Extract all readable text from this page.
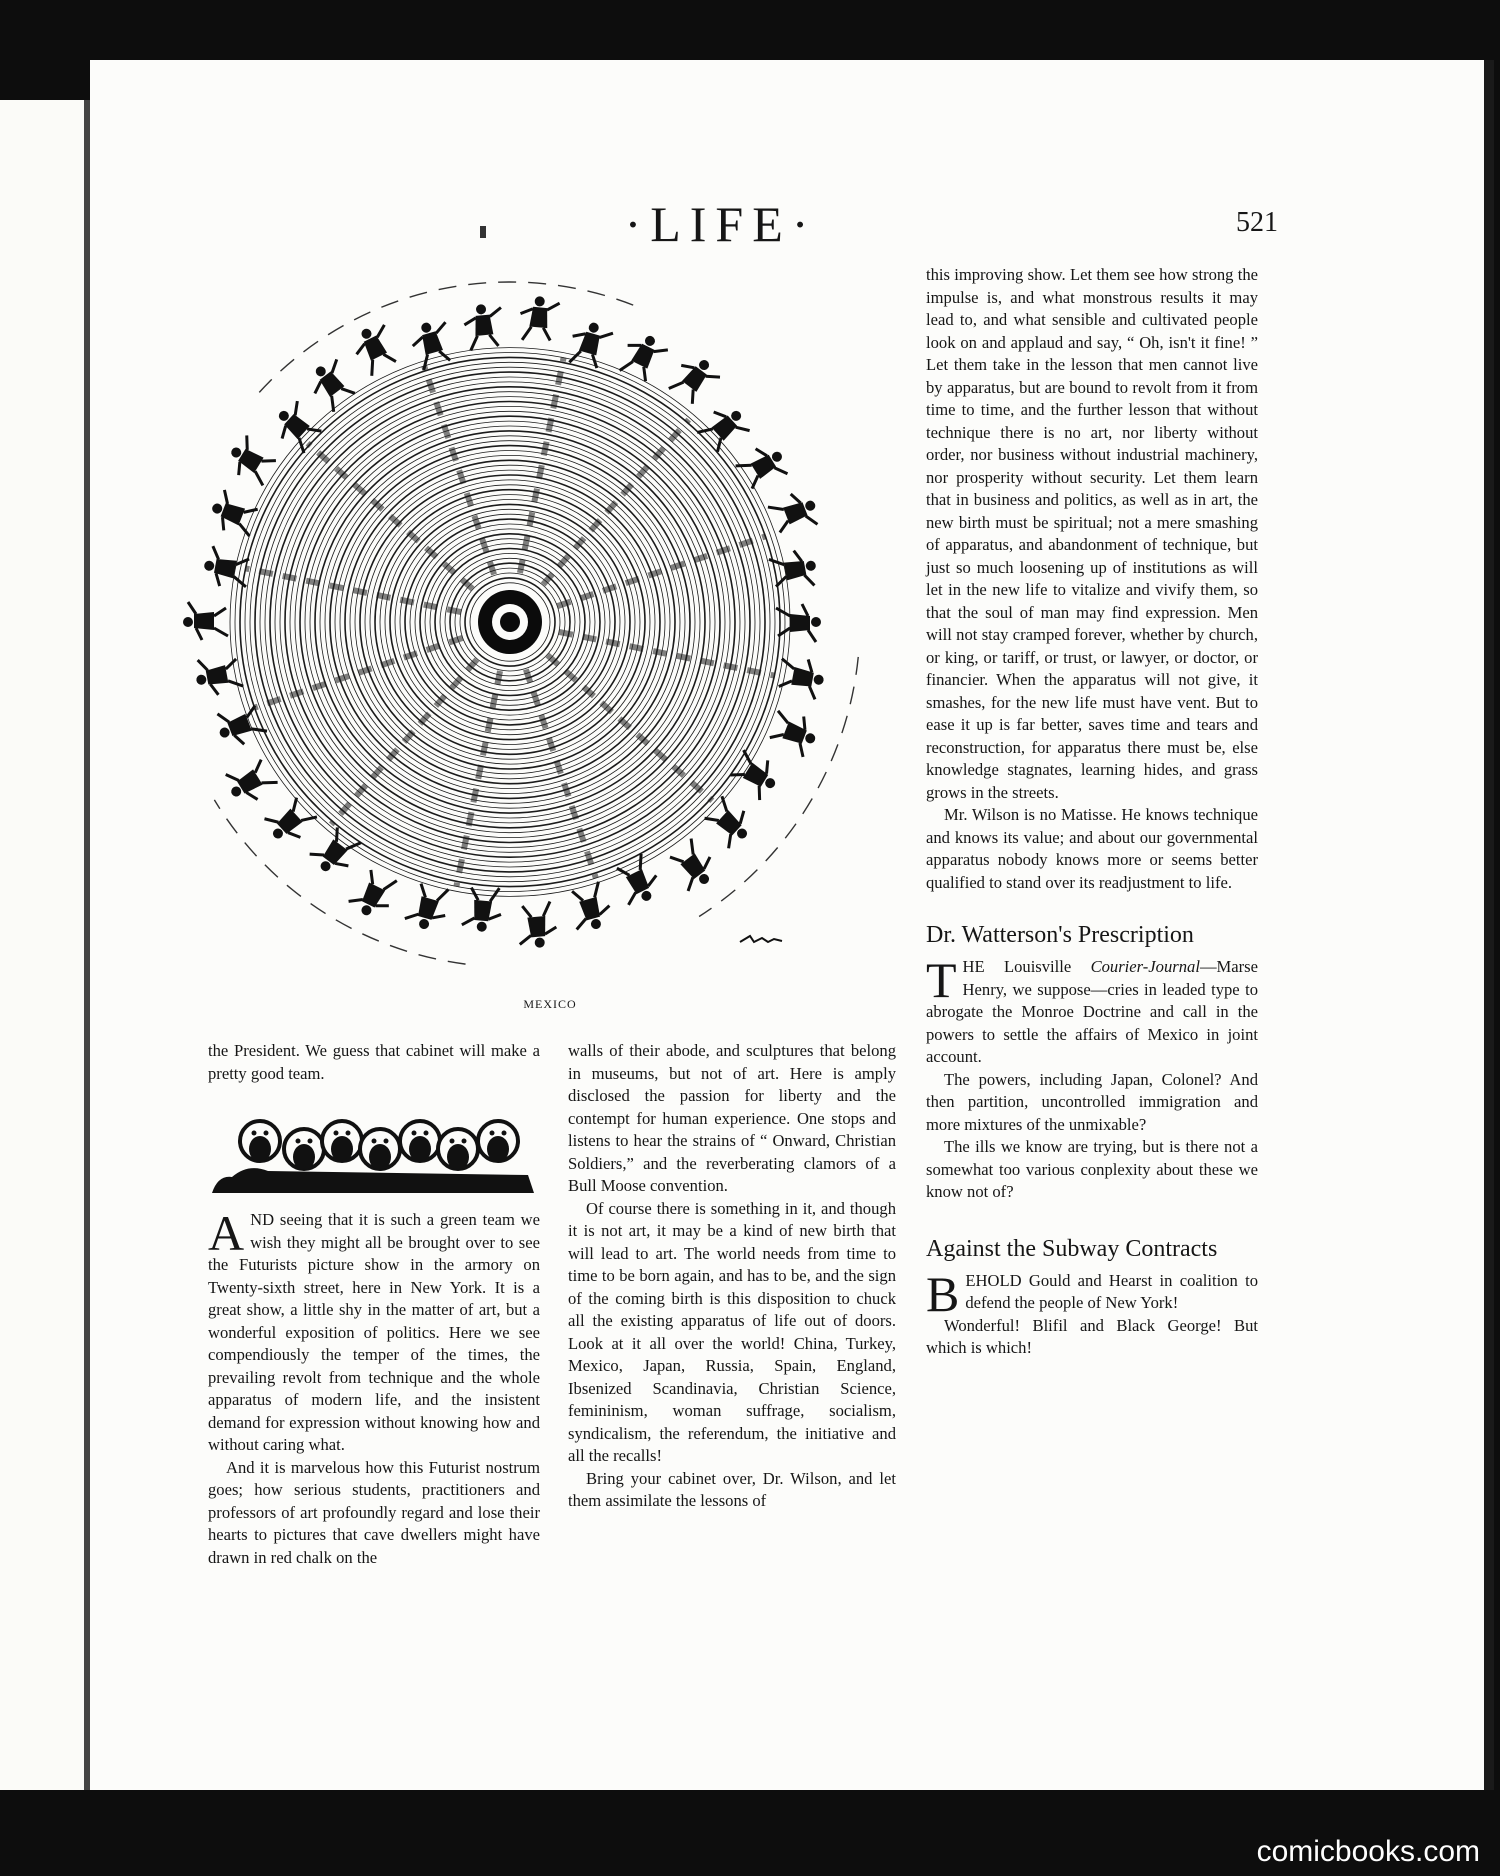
·LIFE·	521
MEXICO

the President. We guess that cabinet will make a pretty good team.

AND seeing that it is such a green team we wish they might all be brought over to see the Futurists picture show in the armory on Twenty-sixth street, here in New York. It is a great show, a little shy in the matter of art, but a wonderful exposition of politics. Here we see compendiously the temper of the times, the prevailing revolt from technique and the whole apparatus of modern life, and the insistent demand for expression without knowing how and without caring what.

And it is marvelous how this Futurist nostrum goes; how serious students, practitioners and professors of art profoundly regard and lose their hearts to pictures that cave dwellers might have drawn in red chalk on the

walls of their abode, and sculptures that belong in museums, but not of art. Here is amply disclosed the passion for liberty and the contempt for human experience. One stops and listens to hear the strains of “ Onward, Christian Soldiers,” and the reverberating clamors of a Bull Moose convention.

Of course there is something in it, and though it is not art, it may be a kind of new birth that will lead to art. The world needs from time to time to be born again, and has to be, and the sign of the coming birth is this disposition to chuck all the existing apparatus of life out of doors. Look at it all over the world! China, Turkey, Mexico, Japan, Russia, Spain, England, Ibsenized Scandinavia, Christian Science, femininism, woman suffrage, socialism, syndicalism, the referendum, the initiative and all the recalls!

Bring your cabinet over, Dr. Wilson, and let them assimilate the lessons of

this improving show. Let them see how strong the impulse is, and what monstrous results it may lead to, and what sensible and cultivated people look on and applaud and say, “ Oh, isn't it fine! ” Let them take in the lesson that men cannot live by apparatus, but are bound to revolt from it from time to time, and the further lesson that without technique there is no art, nor liberty without order, nor business without industrial machinery, nor prosperity without security. Let them learn that in business and politics, as well as in art, the new birth must be spiritual; not a mere smashing of apparatus, and abandonment of technique, but just so much loosening up of institutions as will let in the new life to vitalize and vivify them, so that the soul of man may find expression. Men will not stay cramped forever, whether by church, or king, or tariff, or trust, or lawyer, or doctor, or financier. When the apparatus will not give, it smashes, for the new life must have vent. But to ease it up is far better, saves time and tears and reconstruction, for apparatus there must be, else knowledge stagnates, learning hides, and grass grows in the streets.

Mr. Wilson is no Matisse. He knows technique and knows its value; and about our governmental apparatus nobody knows more or seems better qualified to stand over its readjustment to life.

Dr. Watterson's Prescription

THE Louisville Courier-Journal—Marse Henry, we suppose—cries in leaded type to abrogate the Monroe Doctrine and call in the powers to settle the affairs of Mexico in joint account.

The powers, including Japan, Colonel? And then partition, uncontrolled immigration and more mixtures of the unmixable?

The ills we know are trying, but is there not a somewhat too various conplexity about these we know not of?

Against the Subway Contracts

BEHOLD Gould and Hearst in coalition to defend the people of New York!

Wonderful! Blifil and Black George! But which is which!

comicbooks.com
